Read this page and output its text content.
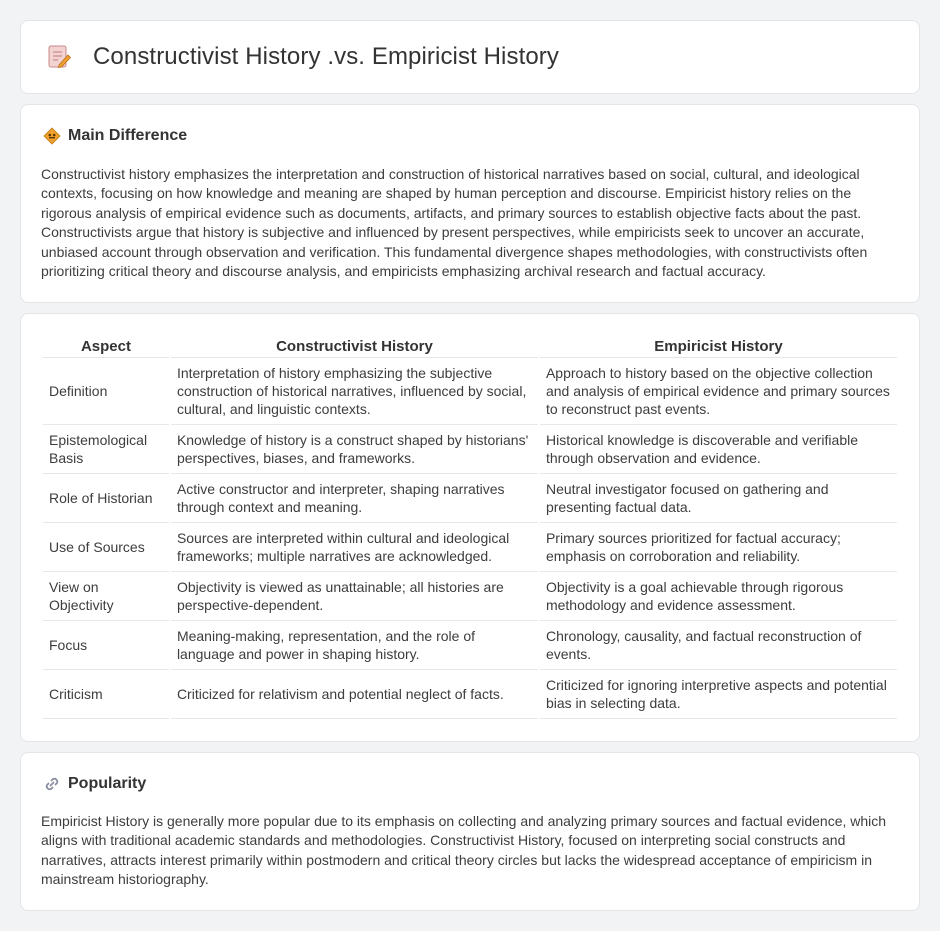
Constructivist History .vs. Empiricist History
Main Difference

Constructivist history emphasizes the interpretation and construction of historical narratives based on social, cultural, and ideological contexts, focusing on how knowledge and meaning are shaped by human perception and discourse. Empiricist history relies on the rigorous analysis of empirical evidence such as documents, artifacts, and primary sources to establish objective facts about the past. Constructivists argue that history is subjective and influenced by present perspectives, while empiricists seek to uncover an accurate, unbiased account through observation and verification. This fundamental divergence shapes methodologies, with constructivists often prioritizing critical theory and discourse analysis, and empiricists emphasizing archival research and factual accuracy.

Aspect	Constructivist History	Empiricist History
Definition	Interpretation of history emphasizing the subjective construction of historical narratives, influenced by social, cultural, and linguistic contexts.	Approach to history based on the objective collection and analysis of empirical evidence and primary sources to reconstruct past events.
Epistemological Basis	Knowledge of history is a construct shaped by historians' perspectives, biases, and frameworks.	Historical knowledge is discoverable and verifiable through observation and evidence.
Role of Historian	Active constructor and interpreter, shaping narratives through context and meaning.	Neutral investigator focused on gathering and presenting factual data.
Use of Sources	Sources are interpreted within cultural and ideological frameworks; multiple narratives are acknowledged.	Primary sources prioritized for factual accuracy; emphasis on corroboration and reliability.
View on Objectivity	Objectivity is viewed as unattainable; all histories are perspective-dependent.	Objectivity is a goal achievable through rigorous methodology and evidence assessment.
Focus	Meaning-making, representation, and the role of language and power in shaping history.	Chronology, causality, and factual reconstruction of events.
Criticism	Criticized for relativism and potential neglect of facts.	Criticized for ignoring interpretive aspects and potential bias in selecting data.
Popularity

Empiricist History is generally more popular due to its emphasis on collecting and analyzing primary sources and factual evidence, which aligns with traditional academic standards and methodologies. Constructivist History, focused on interpreting social constructs and narratives, attracts interest primarily within postmodern and critical theory circles but lacks the widespread acceptance of empiricism in mainstream historiography.
